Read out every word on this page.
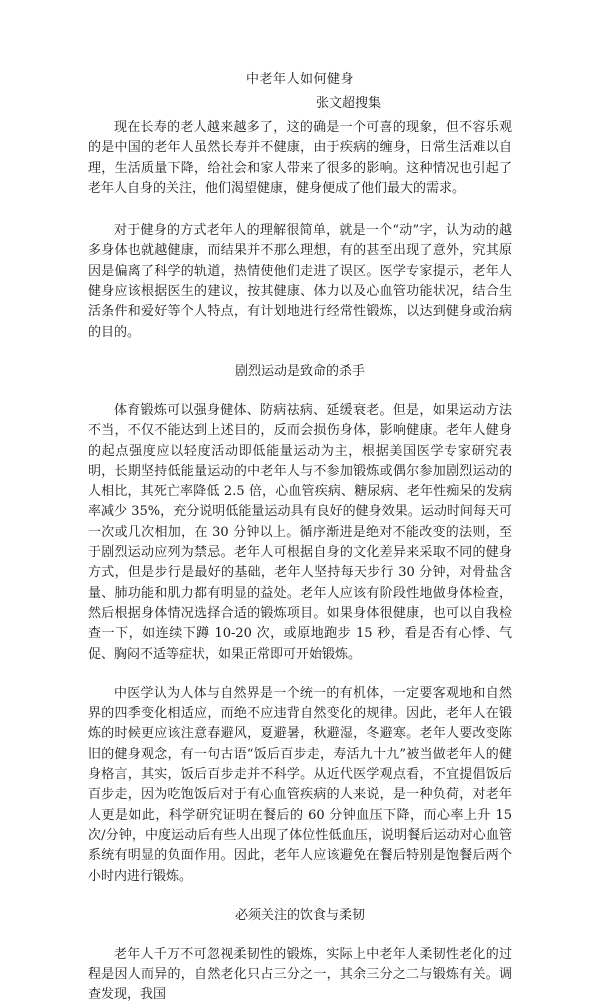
中老年人如何健身
张文超搜集

现在长寿的老人越来越多了，这的确是一个可喜的现象，但不容乐观的是中国的老年人虽然长寿并不健康，由于疾病的缠身，日常生活难以自理，生活质量下降，给社会和家人带来了很多的影响。这种情况也引起了老年人自身的关注，他们渴望健康，健身便成了他们最大的需求。

对于健身的方式老年人的理解很简单，就是一个“动”字，认为动的越多身体也就越健康，而结果并不那么理想，有的甚至出现了意外，究其原因是偏离了科学的轨道，热情使他们走进了误区。医学专家提示，老年人健身应该根据医生的建议，按其健康、体力以及心血管功能状况，结合生活条件和爱好等个人特点，有计划地进行经常性锻炼，以达到健身或治病的目的。

剧烈运动是致命的杀手

体育锻炼可以强身健体、防病祛病、延缓衰老。但是，如果运动方法不当，不仅不能达到上述目的，反而会损伤身体，影响健康。老年人健身的起点强度应以轻度活动即低能量运动为主，根据美国医学专家研究表明，长期坚持低能量运动的中老年人与不参加锻炼或偶尔参加剧烈运动的人相比，其死亡率降低 2.5 倍，心血管疾病、糖尿病、老年性痴呆的发病率减少 35%，充分说明低能量运动具有良好的健身效果。运动时间每天可一次或几次相加，在 30 分钟以上。循序渐进是绝对不能改变的法则，至于剧烈运动应列为禁忌。老年人可根据自身的文化差异来采取不同的健身方式，但是步行是最好的基础，老年人坚持每天步行 30 分钟，对骨盐含量、肺功能和肌力都有明显的益处。老年人应该有阶段性地做身体检查，然后根据身体情况选择合适的锻炼项目。如果身体很健康，也可以自我检查一下，如连续下蹲 10-20 次，或原地跑步 15 秒，看是否有心悸、气促、胸闷不适等症状，如果正常即可开始锻炼。

中医学认为人体与自然界是一个统一的有机体，一定要客观地和自然界的四季变化相适应，而绝不应违背自然变化的规律。因此，老年人在锻炼的时候更应该注意春避风，夏避暑，秋避湿，冬避寒。老年人要改变陈旧的健身观念，有一句古语“饭后百步走，寿活九十九”被当做老年人的健身格言，其实，饭后百步走并不科学。从近代医学观点看，不宜提倡饭后百步走，因为吃饱饭后对于有心血管疾病的人来说，是一种负荷，对老年人更是如此，科学研究证明在餐后的 60 分钟血压下降，而心率上升 15 次/分钟，中度运动后有些人出现了体位性低血压，说明餐后运动对心血管系统有明显的负面作用。因此，老年人应该避免在餐后特别是饱餐后两个小时内进行锻炼。

必须关注的饮食与柔韧

老年人千万不可忽视柔韧性的锻炼，实际上中老年人柔韧性老化的过程是因人而异的，自然老化只占三分之一，其余三分之二与锻炼有关。调查发现，我国
